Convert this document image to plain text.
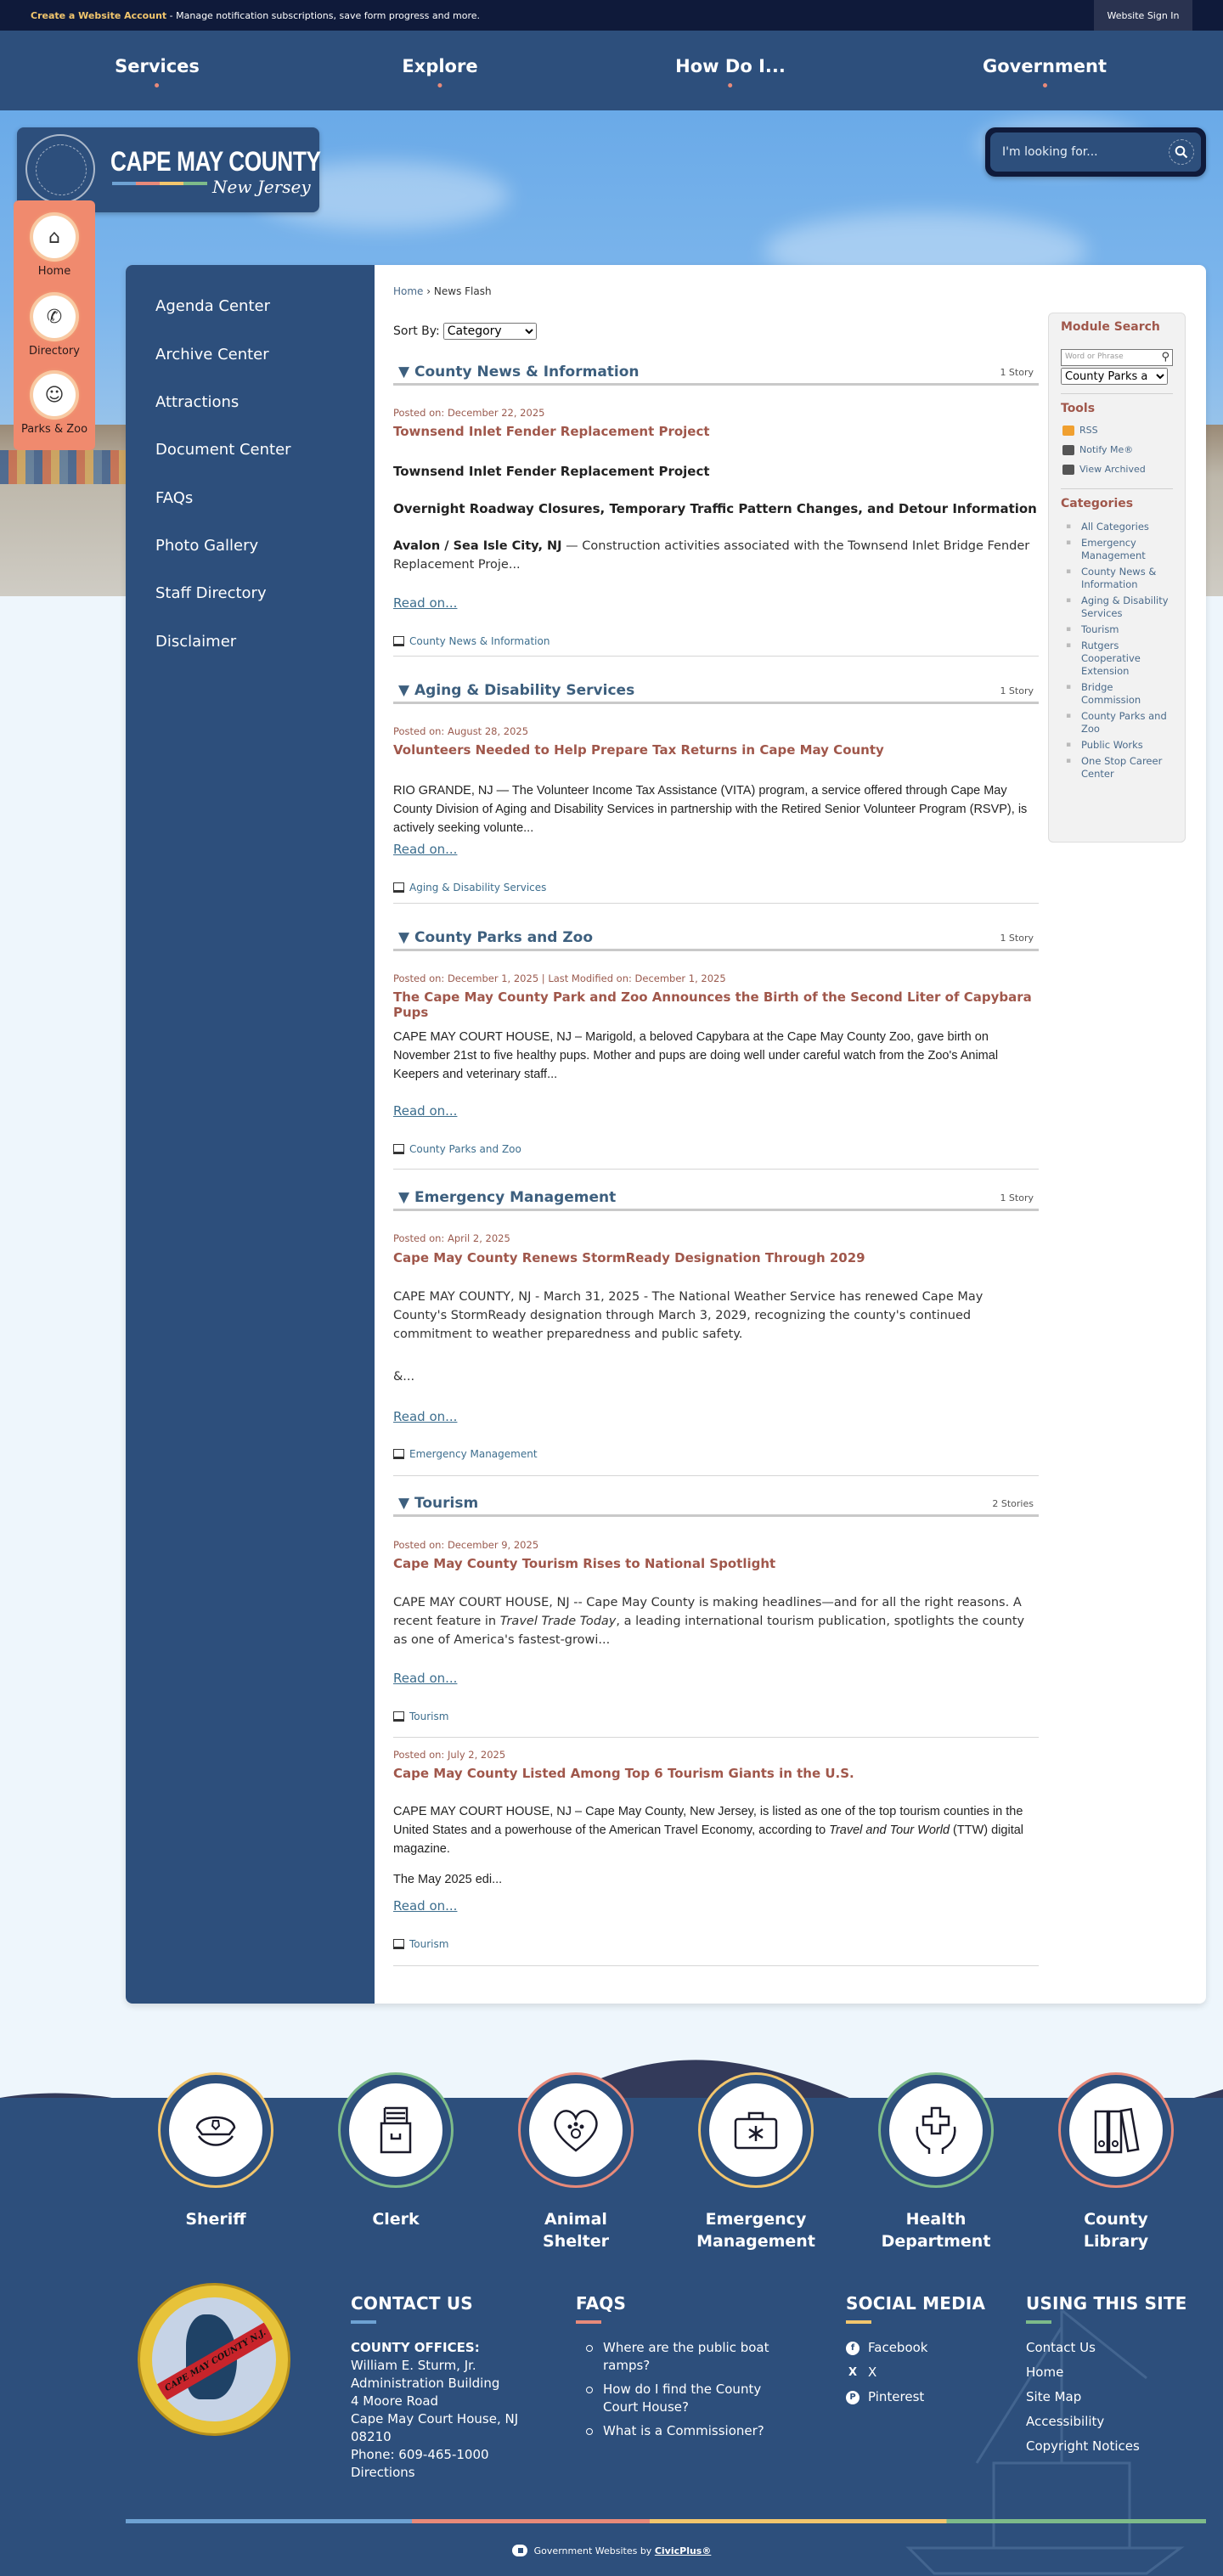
Create a Website Account - Manage notification subscriptions, save form progress and more.	Website Sign In
Services	Explore	How Do I...	Government
CAPE MAY COUNTY
New Jersey
⌂
Home
✆
Directory
☺
Parks & Zoo
I'm looking for...
Agenda Center
Archive Center
Attractions
Document Center
FAQs
Photo Gallery
Staff Directory
Disclaimer
Home › News Flash
Sort By:
Category
▼ County News & Information	1 Story
Posted on: December 22, 2025
Townsend Inlet Fender Replacement Project
Townsend Inlet Fender Replacement Project
Overnight Roadway Closures, Temporary Traffic Pattern Changes, and Detour Information
Avalon / Sea Isle City, NJ — Construction activities associated with the Townsend Inlet Bridge Fender Replacement Proje...
Read on...
County News & Information
▼ Aging & Disability Services	1 Story
Posted on: August 28, 2025
Volunteers Needed to Help Prepare Tax Returns in Cape May County
RIO GRANDE, NJ — The Volunteer Income Tax Assistance (VITA) program, a service offered through Cape May County Division of Aging and Disability Services in partnership with the Retired Senior Volunteer Program (RSVP), is actively seeking volunte...
Read on...
Aging & Disability Services
▼ County Parks and Zoo	1 Story
Posted on: December 1, 2025 | Last Modified on: December 1, 2025
The Cape May County Park and Zoo Announces the Birth of the Second Liter of Capybara Pups
CAPE MAY COURT HOUSE, NJ – Marigold, a beloved Capybara at the Cape May County Zoo, gave birth on November 21st to five healthy pups. Mother and pups are doing well under careful watch from the Zoo's Animal Keepers and veterinary staff...
Read on...
County Parks and Zoo
▼ Emergency Management	1 Story
Posted on: April 2, 2025
Cape May County Renews StormReady Designation Through 2029
CAPE MAY COUNTY, NJ - March 31, 2025 - The National Weather Service has renewed Cape May County's StormReady designation through March 3, 2029, recognizing the county's continued commitment to weather preparedness and public safety.
&...
Read on...
Emergency Management
▼ Tourism	2 Stories
Posted on: December 9, 2025
Cape May County Tourism Rises to National Spotlight
CAPE MAY COURT HOUSE, NJ -- Cape May County is making headlines—and for all the right reasons. A recent feature in Travel Trade Today, a leading international tourism publication, spotlights the county as one of America's fastest-growi...
Read on...
Tourism
Posted on: July 2, 2025
Cape May County Listed Among Top 6 Tourism Giants in the U.S.
CAPE MAY COURT HOUSE, NJ – Cape May County, New Jersey, is listed as one of the top tourism counties in the United States and a powerhouse of the American Travel Economy, according to Travel and Tour World (TTW) digital magazine.
The May 2025 edi...
Read on...
Tourism
Module Search
Word or Phrase	⚲
County Parks a
Tools
RSS
Notify Me®
View Archived
Categories
▪ All Categories
▪ Emergency Management
▪ County News & Information
▪ Aging & Disability Services
▪ Tourism
▪ Rutgers Cooperative Extension
▪ Bridge Commission
▪ County Parks and Zoo
▪ Public Works
▪ One Stop Career Center
Sheriff	Clerk	Animal Shelter
Emergency Management
Health Department
County Library
CAPE MAY COUNTY N.J.
CONTACT US
COUNTY OFFICES:
William E. Sturm, Jr.
Administration Building
4 Moore Road
Cape May Court House, NJ
08210
Phone: 609-465-1000
Directions
FAQS
Where are the public boat ramps?
How do I find the County Court House?
What is a Commissioner?
SOCIAL MEDIA
f	Facebook
X X
P Pinterest
USING THIS SITE
Contact Us
Home
Site Map
Accessibility
Copyright Notices
Government Websites by CivicPlus®
